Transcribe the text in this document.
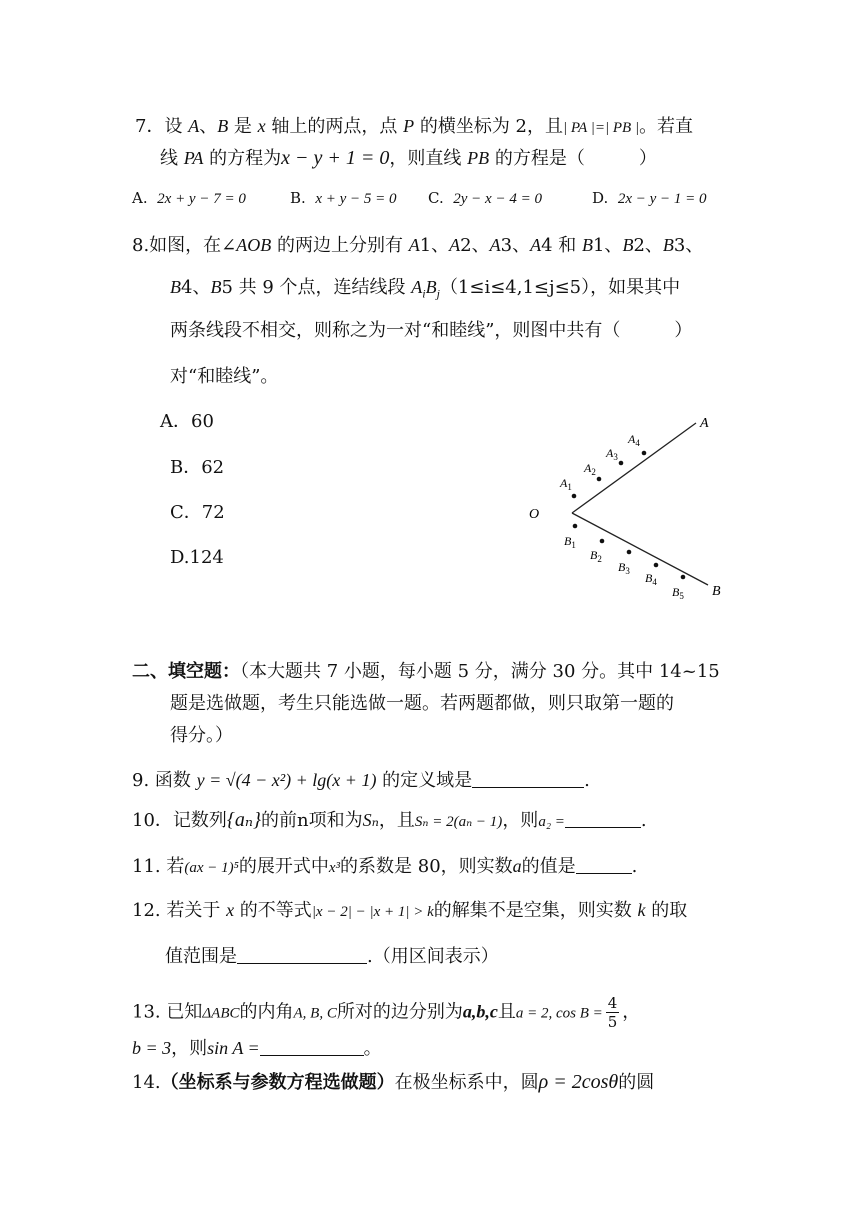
7．设 A、B 是 x 轴上的两点，点 P 的横坐标为 2，且| PA |=| PB |。若直
线 PA 的方程为x − y + 1 = 0，则直线 PB 的方程是（　　　）
A. 2x + y − 7 = 0	B. x + y − 5 = 0 C. 2y − x − 4 = 0	D. 2x − y − 1 = 0
8.如图，在∠AOB 的两边上分别有 A1、A2、A3、A4 和 B1、B2、B3、
B4、B5 共 9 个点，连结线段 $A_iB_j(1\le i\le 4,1\le j\le 5)$，如果其中
两条线段不相交，则称之为一对“和睦线”，则图中共有（　　　）
对“和睦线”。
A．60
B．62
C．72
D.124
O
A
B
$A_1$
$A_2$
$A_3$
$A_4$
$B_1$
$B_2$
$B_3$ $B_4$
$B_5$
二、填空题：（本大题共 7 小题，每小题 5 分，满分 30 分。其中 14~15
题是选做题，考生只能选做一题。若两题都做，则只取第一题的
得分。）
9. 函数 y = √(4 − x²) + lg(x + 1) 的定义域是	.
10．记数列{aₙ}的前n项和为Sₙ，且Sₙ = 2(aₙ − 1)，则a₂ =	.
11. 若(ax − 1)⁵的展开式中x³的系数是 80，则实数a的值是	.
12. 若关于 x 的不等式|x − 2| − |x + 1| > k的解集不是空集，则实数 k 的取
值范围是	.（用区间表示）
13. 已知ΔABC的内角A, B, C所对的边分别为a,b,c且a = 2, $\cos B = \frac{4}{5}$ ，
b = 3，则sin A =	。
14.（坐标系与参数方程选做题）在极坐标系中，圆ρ = 2cosθ的圆
